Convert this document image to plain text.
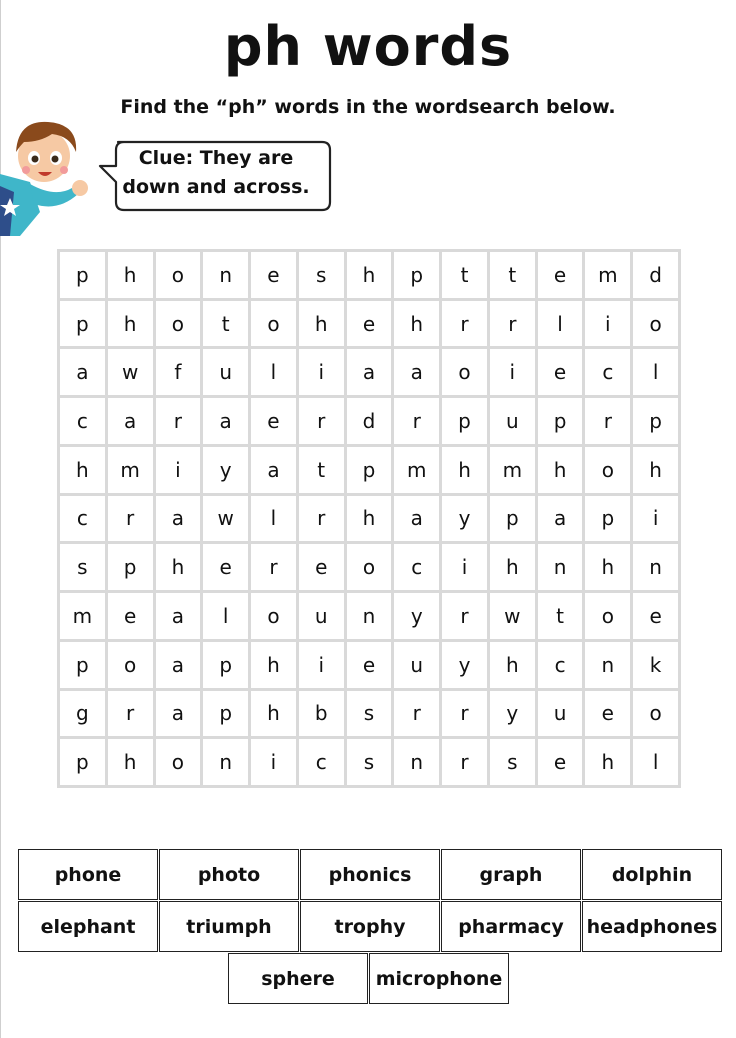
ph words
Find the “ph” words in the wordsearch below.
Clue: They are
down and across.
p	h	o	n	e	s	h	p	t	t	e	m	d
p	h	o	t	o	h	e	h	r	r	l	i	o
a	w	f	u	l	i	a	a	o	i	e	c	l
c	a	r	a	e	r	d	r	p	u	p	r	p
h	m	i	y	a	t	p	m	h	m	h	o	h
c	r	a	w	l	r	h	a	y	p	a	p	i
s	p	h	e	r	e	o	c	i	h	n	h	n
m	e	a	l	o	u	n	y	r	w	t	o	e
p	o	a	p	h	i	e	u	y	h	c	n	k
g	r	a	p	h	b	s	r	r	y	u	e	o
p	h	o	n	i	c	s	n	r	s	e	h	l
phone	photo	phonics	graph	dolphin
elephant	triumph	trophy	pharmacy	headphones
sphere	microphone
